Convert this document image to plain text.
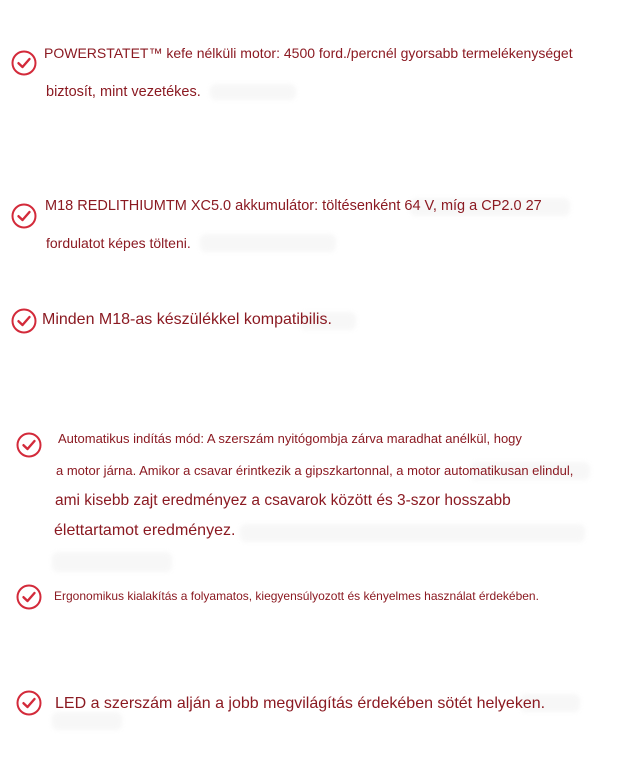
POWERSTATET™ kefe nélküli motor: 4500 ford./percnél gyorsabb termelékenységet
biztosít, mint vezetékes.
M18 REDLITHIUMTM XC5.0 akkumulátor: töltésenként 64 V, míg a CP2.0 27
fordulatot képes tölteni.
Minden M18-as készülékkel kompatibilis.
Automatikus indítás mód: A szerszám nyitógombja zárva maradhat anélkül, hogy
a motor járna. Amikor a csavar érintkezik a gipszkartonnal, a motor automatikusan elindul,
ami kisebb zajt eredményez a csavarok között és 3-szor hosszabb
élettartamot eredményez.
Ergonomikus kialakítás a folyamatos, kiegyensúlyozott és kényelmes használat érdekében.
LED a szerszám alján a jobb megvilágítás érdekében sötét helyeken.
